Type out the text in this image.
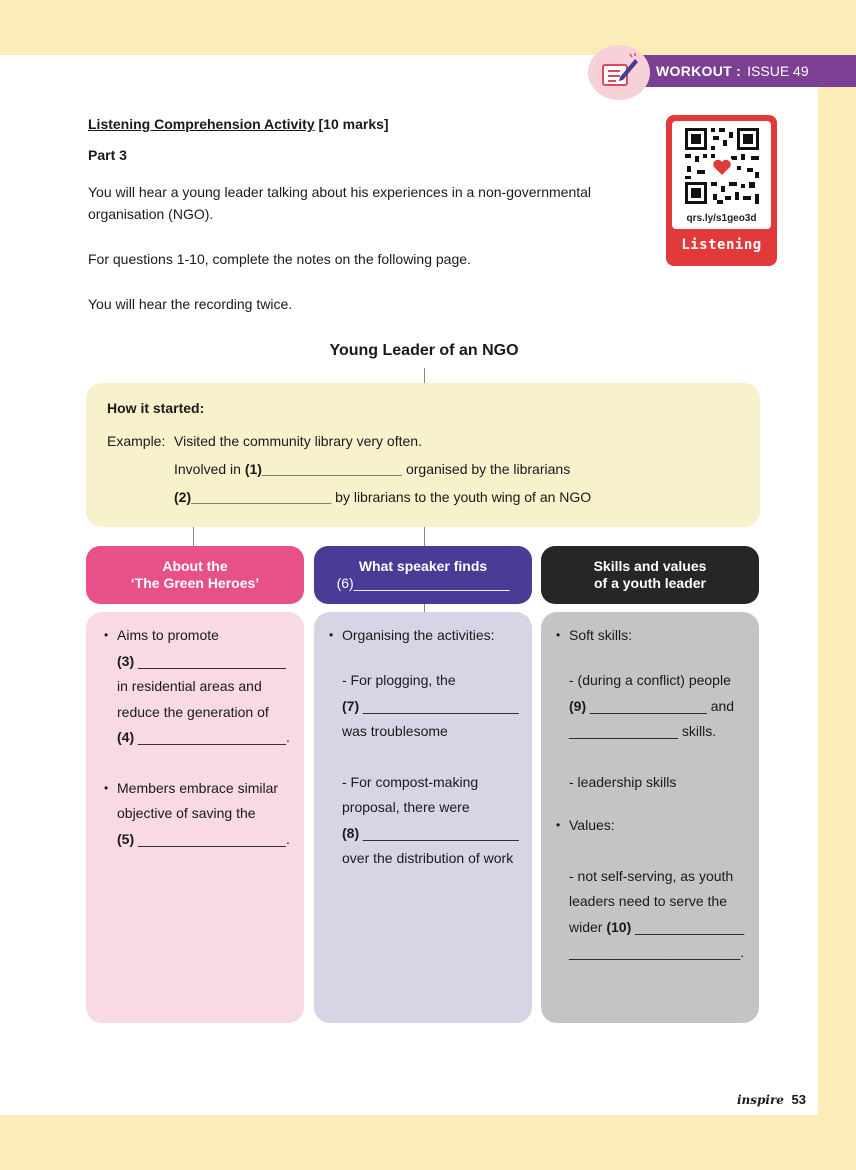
WORKOUT : ISSUE 49
Listening Comprehension Activity [10 marks]
Part 3
You will hear a young leader talking about his experiences in a non-governmental
organisation (NGO).
For questions 1-10, complete the notes on the following page.
You will hear the recording twice.
qrs.ly/s1geo3d
Listening
Young Leader of an NGO
How it started:
Example: Visited the community library very often.
Involved in (1)__________________ organised by the librarians
(2)__________________ by librarians to the youth wing of an NGO
About the
‘The Green Heroes’
What speaker finds
(6)____________________
Skills and values
of a youth leader
• Aims to promote
(3) ___________________
in residential areas and
reduce the generation of
(4) ___________________.
• Members embrace similar
objective of saving the
(5) ___________________.
• Organising the activities:
- For plogging, the
(7) ____________________
was troublesome
- For compost-making
proposal, there were
(8) ____________________
over the distribution of work
• Soft skills:
- (during a conflict) people
(9) _______________ and
______________ skills.
- leadership skills
• Values:
- not self-serving, as youth
leaders need to serve the
wider (10) ______________
______________________.
inspire 53
